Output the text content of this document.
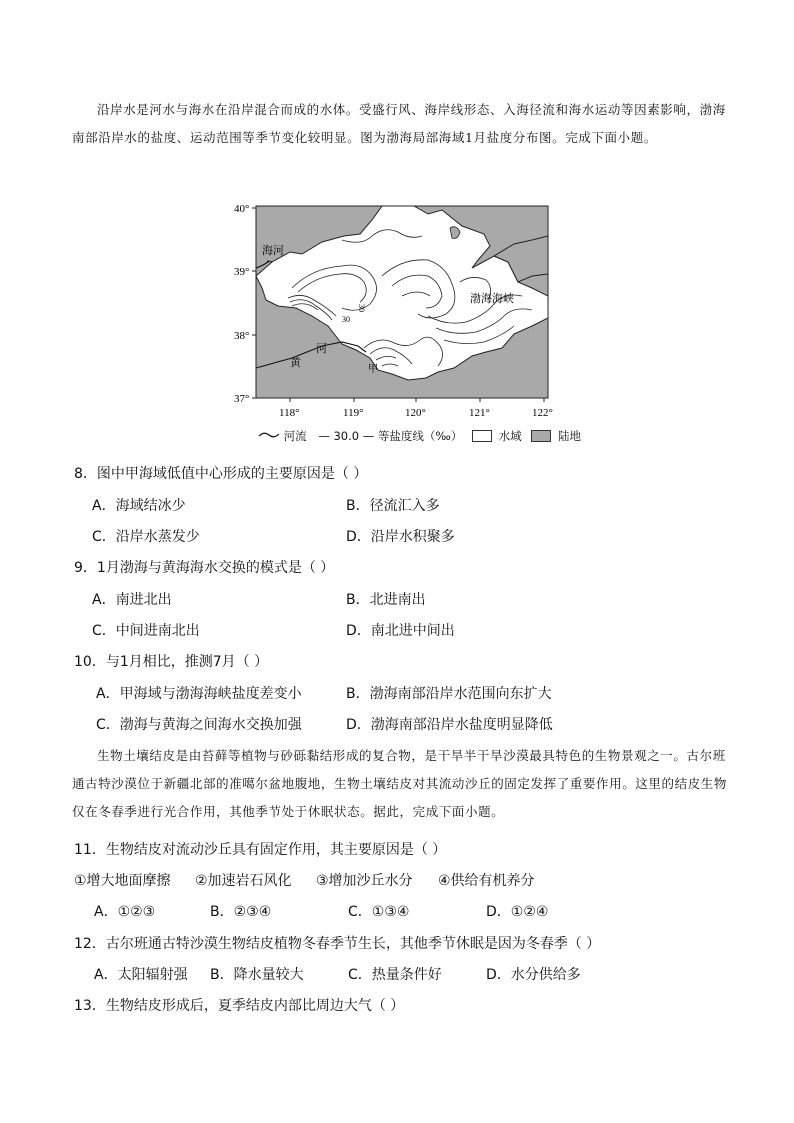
沿岸水是河水与海水在沿岸混合而成的水体。受盛行风、海岸线形态、入海径流和海水运动等因素影响，渤海南部沿岸水的盐度、运动范围等季节变化较明显。图为渤海局部海域1月盐度分布图。完成下面小题。
40°
39°
38°
37°
118°	119°	120°	121°	122°
海河
渤海海峡
黄
河
甲
30
30
河流 — 30.0 — 等盐度线（‰）	水域	陆地
8．图中甲海域低值中心形成的主要原因是（ ）
A．海域结冰少	B．径流汇入多
C．沿岸水蒸发少	D．沿岸水积聚多
9．1月渤海与黄海海水交换的模式是（ ）
A．南进北出	B．北进南出
C．中间进南北出	D．南北进中间出
10．与1月相比，推测7月（ ）
A．甲海域与渤海海峡盐度差变小	B．渤海南部沿岸水范围向东扩大
C．渤海与黄海之间海水交换加强	D．渤海南部沿岸水盐度明显降低
生物土壤结皮是由苔藓等植物与砂砾黏结形成的复合物，是干旱半干旱沙漠最具特色的生物景观之一。古尔班通古特沙漠位于新疆北部的准噶尔盆地腹地，生物土壤结皮对其流动沙丘的固定发挥了重要作用。这里的结皮生物仅在冬春季进行光合作用，其他季节处于休眠状态。据此，完成下面小题。
11．生物结皮对流动沙丘具有固定作用，其主要原因是（ ）
①增大地面摩擦 ②加速岩石风化 ③增加沙丘水分 ④供给有机养分
A．①②③	B．②③④	C．①③④	D．①②④
12．古尔班通古特沙漠生物结皮植物冬春季节生长，其他季节休眠是因为冬春季（ ）
A．太阳辐射强 B．降水量较大	C．热量条件好	D．水分供给多
13．生物结皮形成后，夏季结皮内部比周边大气（ ）
